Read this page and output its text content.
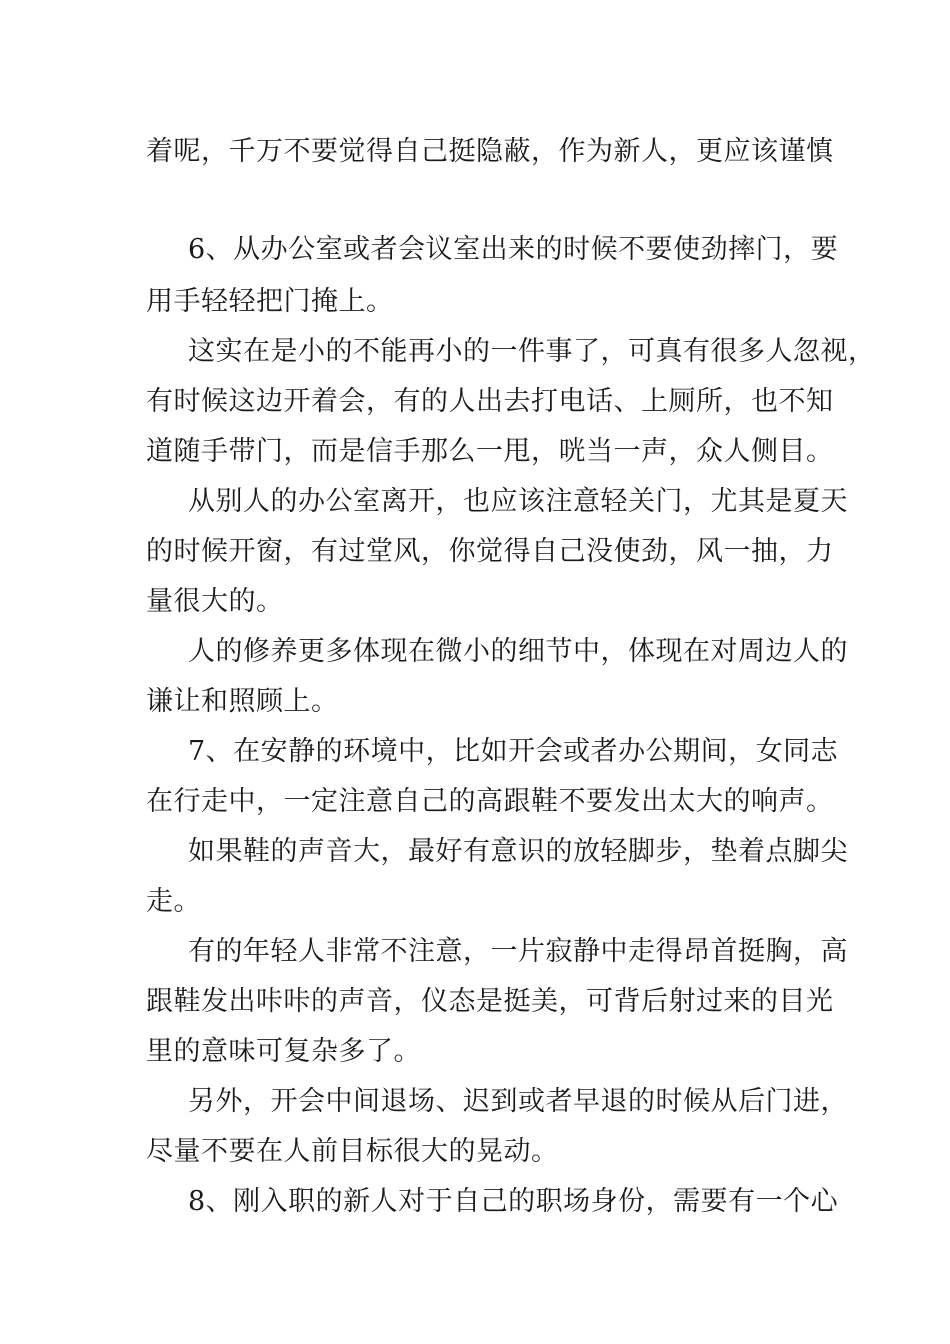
着呢，千万不要觉得自己挺隐蔽，作为新人，更应该谨慎
6、从办公室或者会议室出来的时候不要使劲摔门，要
用手轻轻把门掩上。
这实在是小的不能再小的一件事了，可真有很多人忽视，
有时候这边开着会，有的人出去打电话、上厕所，也不知
道随手带门，而是信手那么一甩，咣当一声，众人侧目。
从别人的办公室离开，也应该注意轻关门，尤其是夏天
的时候开窗，有过堂风，你觉得自己没使劲，风一抽，力
量很大的。
人的修养更多体现在微小的细节中，体现在对周边人的
谦让和照顾上。
7、在安静的环境中，比如开会或者办公期间，女同志
在行走中，一定注意自己的高跟鞋不要发出太大的响声。
如果鞋的声音大，最好有意识的放轻脚步，垫着点脚尖
走。
有的年轻人非常不注意，一片寂静中走得昂首挺胸，高
跟鞋发出咔咔的声音，仪态是挺美，可背后射过来的目光
里的意味可复杂多了。
另外，开会中间退场、迟到或者早退的时候从后门进，
尽量不要在人前目标很大的晃动。
8、刚入职的新人对于自己的职场身份，需要有一个心
